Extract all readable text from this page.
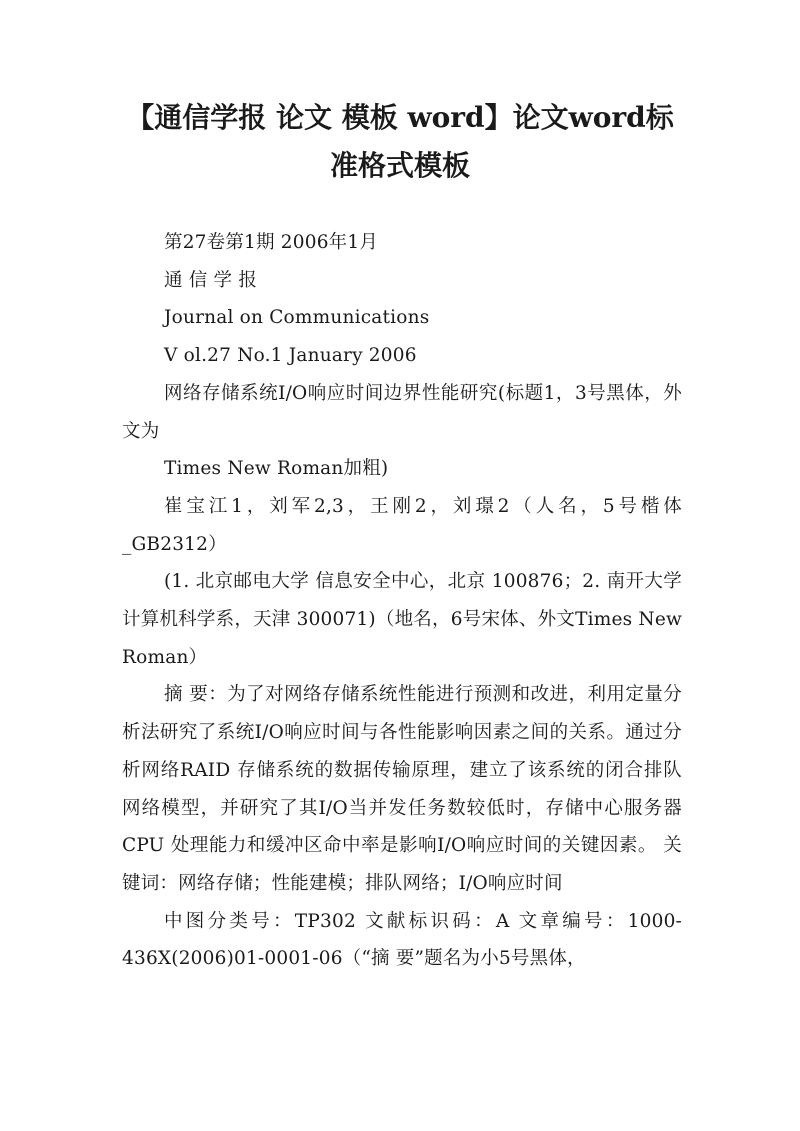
【通信学报 论文 模板 word】论文word标
准格式模板

第27卷第1期 2006年1月

通 信 学 报

Journal on Communications

V ol.27 No.1 January 2006

网络存储系统I/O响应时间边界性能研究(标题1，3号黑体，外文为

Times New Roman加粗)

崔宝江1，刘军2,3，王刚2，刘璟2（人名，5号楷体_GB2312）

(1. 北京邮电大学 信息安全中心，北京 100876；2. 南开大学 计算机科学系，天津 300071)（地名，6号宋体、外文Times New Roman）

摘 要：为了对网络存储系统性能进行预测和改进，利用定量分析法研究了系统I/O响应时间与各性能影响因素之间的关系。通过分析网络RAID 存储系统的数据传输原理，建立了该系统的闭合排队网络模型，并研究了其I/O当并发任务数较低时，存储中心服务器CPU 处理能力和缓冲区命中率是影响I/O响应时间的关键因素。 关键词：网络存储；性能建模；排队网络；I/O响应时间

中图分类号：TP302 文献标识码：A 文章编号：1000-436X(2006)01-0001-06（“摘 要”题名为小5号黑体，
